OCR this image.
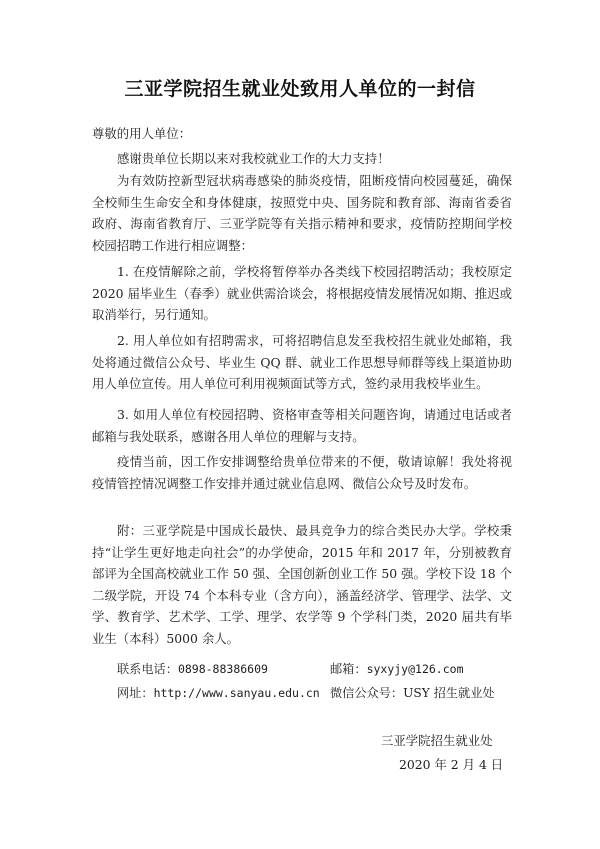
三亚学院招生就业处致用人单位的一封信
尊敬的用人单位：
感谢贵单位长期以来对我校就业工作的大力支持！
为有效防控新型冠状病毒感染的肺炎疫情，阻断疫情向校园蔓延，确保全校师生生命安全和身体健康，按照党中央、国务院和教育部、海南省委省政府、海南省教育厅、三亚学院等有关指示精神和要求，疫情防控期间学校校园招聘工作进行相应调整：
1. 在疫情解除之前，学校将暂停举办各类线下校园招聘活动；我校原定 2020 届毕业生（春季）就业供需洽谈会，将根据疫情发展情况如期、推迟或取消举行，另行通知。
2. 用人单位如有招聘需求，可将招聘信息发至我校招生就业处邮箱，我处将通过微信公众号、毕业生 QQ 群、就业工作思想导师群等线上渠道协助用人单位宣传。用人单位可利用视频面试等方式，签约录用我校毕业生。
3. 如用人单位有校园招聘、资格审查等相关问题咨询，请通过电话或者邮箱与我处联系，感谢各用人单位的理解与支持。
疫情当前，因工作安排调整给贵单位带来的不便，敬请谅解！我处将视疫情管控情况调整工作安排并通过就业信息网、微信公众号及时发布。
附：三亚学院是中国成长最快、最具竞争力的综合类民办大学。学校秉持“让学生更好地走向社会”的办学使命，2015 年和 2017 年，分别被教育部评为全国高校就业工作 50 强、全国创新创业工作 50 强。学校下设 18 个二级学院，开设 74 个本科专业（含方向），涵盖经济学、管理学、法学、文学、教育学、艺术学、工学、理学、农学等 9 个学科门类，2020 届共有毕业生（本科）5000 余人。
联系电话：0898-88386609	邮箱：syxyjy@126.com
网址：http://www.sanyau.edu.cn 微信公众号：USY 招生就业处
三亚学院招生就业处
2020 年 2 月 4 日
